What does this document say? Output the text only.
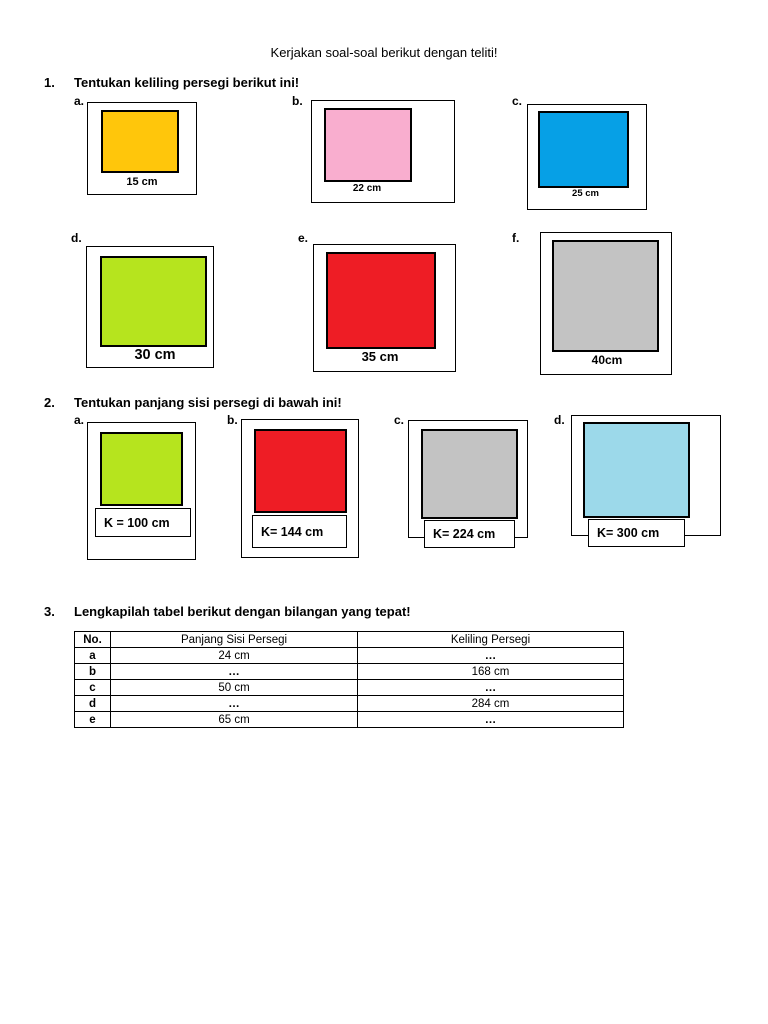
Kerjakan soal-soal berikut dengan teliti!
1. Tentukan keliling persegi berikut ini!
a.
15 cm
b.
22 cm
c.
25 cm
d.
30 cm
e.
35 cm
f.
40cm
2. Tentukan panjang sisi persegi di bawah ini!
a.
K = 100 cm
b.
K= 144 cm
c.
K= 224 cm
d.
K= 300 cm
3. Lengkapilah tabel berikut dengan bilangan yang tepat!
No.	Panjang Sisi Persegi	Keliling Persegi
a	24 cm	…
b	…	168 cm
c	50 cm	…
d	…	284 cm
e	65 cm	…
